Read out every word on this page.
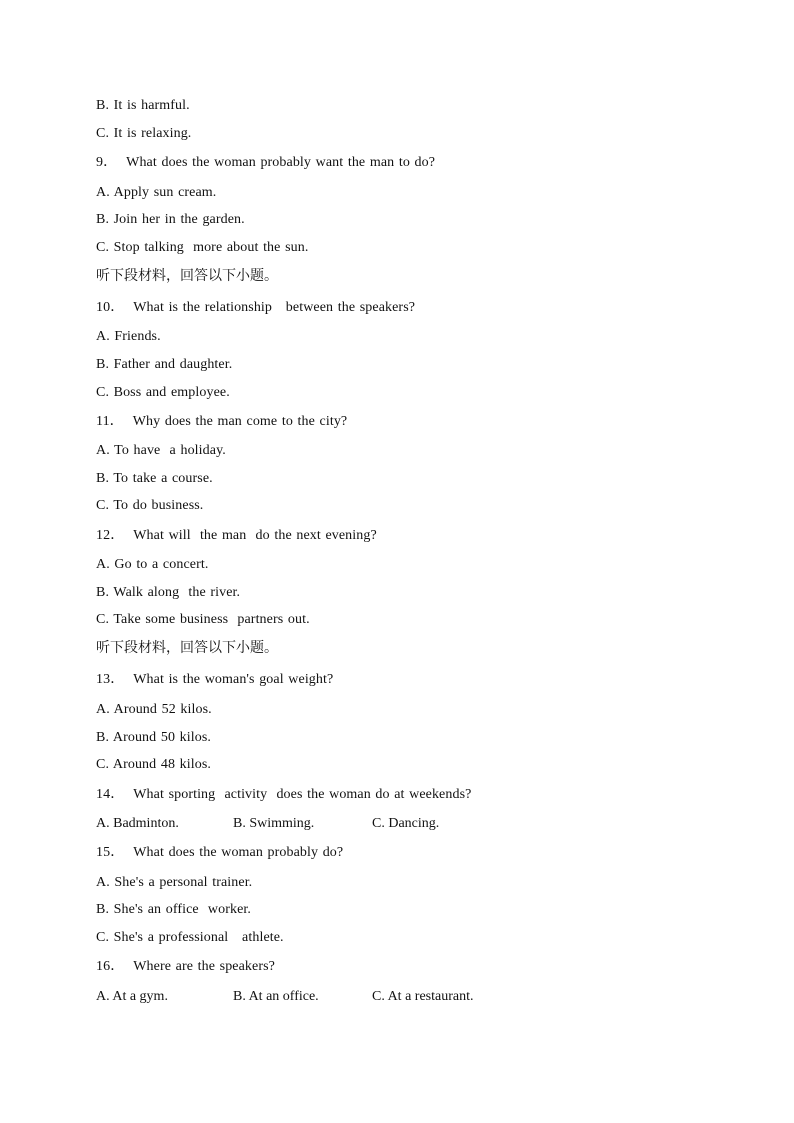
B. It is harmful.
C. It is relaxing.
9．  What does the woman probably want the man to do?
A. Apply sun cream.
B. Join her in the garden.
C. Stop talking  more about the sun.
听下段材料，回答以下小题。
10．  What is the relationship   between the speakers?
A. Friends.
B. Father and daughter.
C. Boss and employee.
11．  Why does the man come to the city?
A. To have  a holiday.
B. To take a course.
C. To do business.
12．  What will  the man  do the next evening?
A. Go to a concert.
B. Walk along  the river.
C. Take some business  partners out.
听下段材料，回答以下小题。
13．  What is the woman's goal weight?
A. Around 52 kilos.
B. Around 50 kilos.
C. Around 48 kilos.
14．  What sporting  activity  does the woman do at weekends?
A. Badminton.	B. Swimming.	C. Dancing.
15．  What does the woman probably do?
A. She's a personal trainer.
B. She's an office  worker.
C. She's a professional   athlete.
16．  Where are the speakers?
A. At a gym.	B. At an office.	C. At a restaurant.
